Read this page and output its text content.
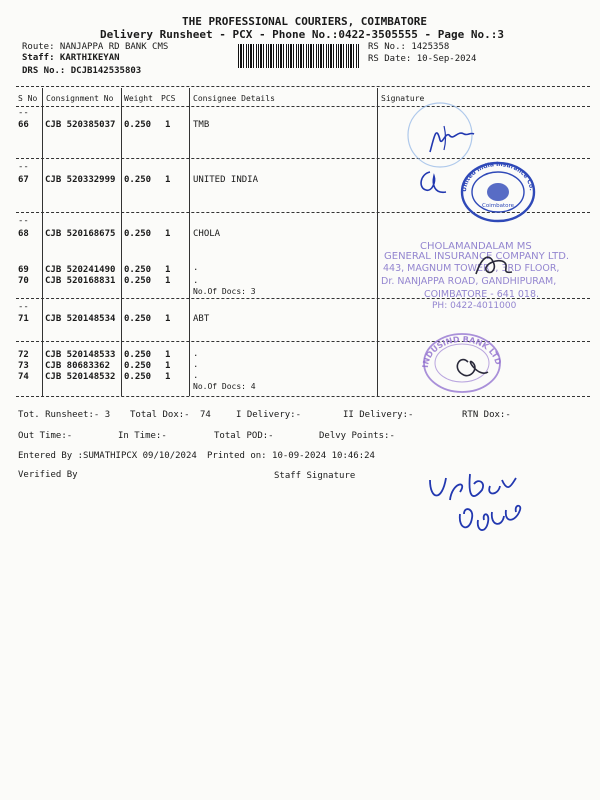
THE PROFESSIONAL COURIERS, COIMBATORE
Delivery Runsheet - PCX - Phone No.:0422-3505555 - Page No.:3
Route: NANJAPPA RD BANK CMS
Staff: KARTHIKEYAN
DRS No.: DCJB142535803
RS No.: 1425358
RS Date: 10-Sep-2024
S No Consignment No Weight PCS Consignee Details	Signature
--
--
--
--
66 CJB 520385037 0.250 1	TMB
67 CJB 520332999 0.250 1	UNITED INDIA
68 CJB 520168675 0.250 1	CHOLA
69 CJB 520241490 0.250 1	.
70 CJB 520168831 0.250 1	.
No.Of Docs: 3
71 CJB 520148534 0.250 1	ABT
72 CJB 520148533 0.250 1	.
73 CJB 80683362 0.250 1	.
74 CJB 520148532 0.250 1	.
No.Of Docs: 4
Tot. Runsheet:- 3 Total Dox:- 74	I Delivery:-	II Delivery:-	RTN Dox:-
Out Time:-	In Time:-	Total POD:-	Delvy Points:-
Entered By :SUMATHIPCX 09/10/2024 Printed on: 10-09-2024 10:46:24
Verified By	Staff Signature
United India Insurance Co.Ltd.
Coimbatore
CHOLAMANDALAM MS
GENERAL INSURANCE COMPANY LTD.
443, MAGNUM TOWER I, 3RD FLOOR,
Dr. NANJAPPA ROAD, GANDHIPURAM,
COIMBATORE - 641 018.
PH: 0422-4011000
INDUSIND BANK LTD
